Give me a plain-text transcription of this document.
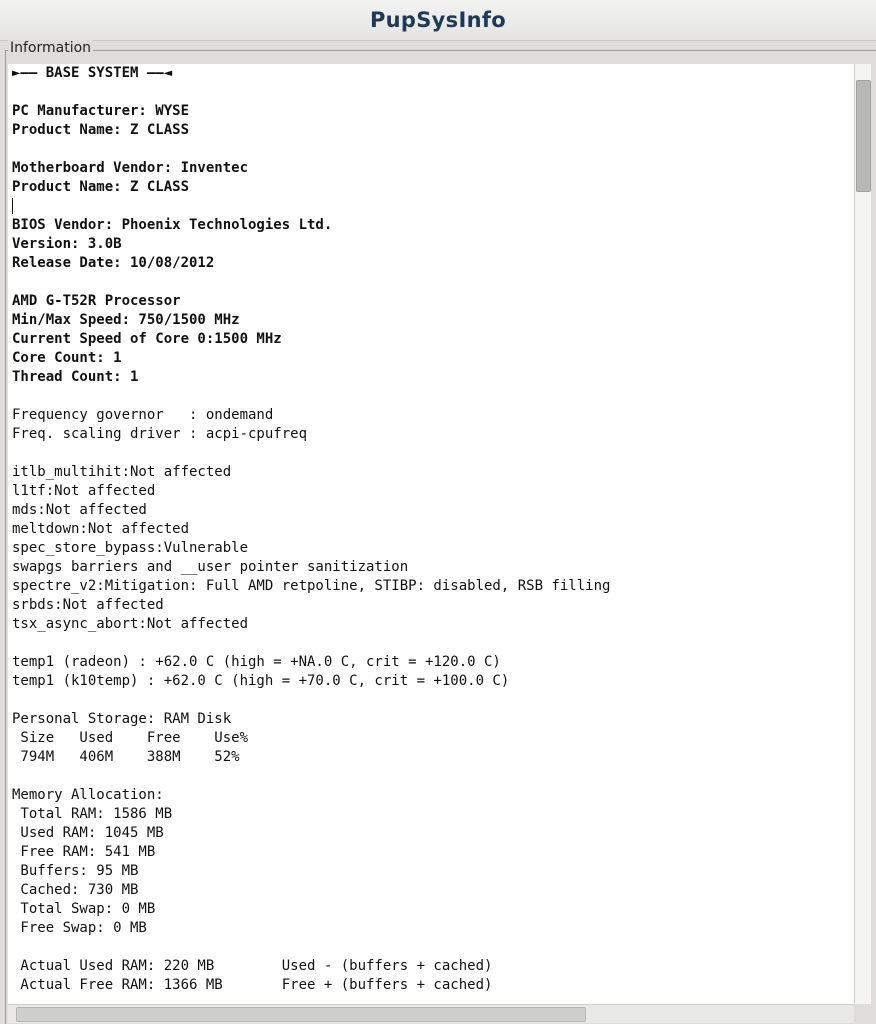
PupSysInfo
Information
►—— BASE SYSTEM ——◄
PC Manufacturer: WYSE
Product Name: Z CLASS
Motherboard Vendor: Inventec
Product Name: Z CLASS
BIOS Vendor: Phoenix Technologies Ltd.
Version: 3.0B
Release Date: 10/08/2012
AMD G-T52R Processor
Min/Max Speed: 750/1500 MHz
Current Speed of Core 0:1500 MHz
Core Count: 1
Thread Count: 1
Frequency governor   : ondemand
Freq. scaling driver : acpi-cpufreq
itlb_multihit:Not affected
l1tf:Not affected
mds:Not affected
meltdown:Not affected
spec_store_bypass:Vulnerable
swapgs barriers and __user pointer sanitization
spectre_v2:Mitigation: Full AMD retpoline, STIBP: disabled, RSB filling
srbds:Not affected
tsx_async_abort:Not affected
temp1 (radeon) : +62.0 C (high = +NA.0 C, crit = +120.0 C)
temp1 (k10temp) : +62.0 C (high = +70.0 C, crit = +100.0 C)
Personal Storage: RAM Disk
Size   Used    Free    Use%
794M   406M    388M    52%
Memory Allocation:
Total RAM: 1586 MB
Used RAM: 1045 MB
Free RAM: 541 MB
Buffers: 95 MB
Cached: 730 MB
Total Swap: 0 MB
Free Swap: 0 MB
Actual Used RAM: 220 MB        Used - (buffers + cached)
Actual Free RAM: 1366 MB       Free + (buffers + cached)
